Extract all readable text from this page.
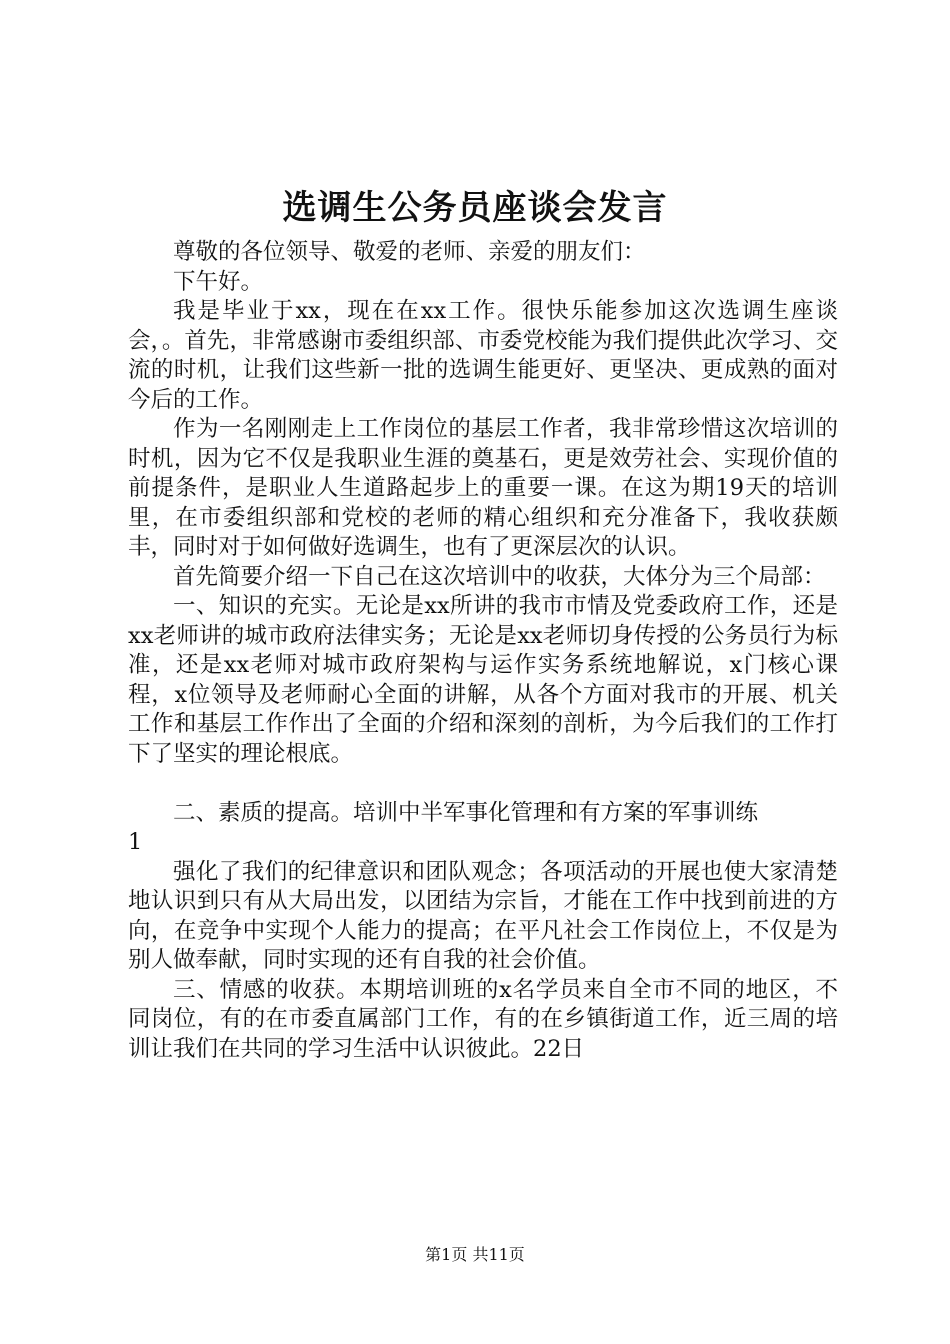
选调生公务员座谈会发言

尊敬的各位领导、敬爱的老师、亲爱的朋友们：

下午好。

我是毕业于xx，现在在xx工作。很快乐能参加这次选调生座谈会，。首先，非常感谢市委组织部、市委党校能为我们提供此次学习、交流的时机，让我们这些新一批的选调生能更好、更坚决、更成熟的面对今后的工作。

作为一名刚刚走上工作岗位的基层工作者，我非常珍惜这次培训的时机，因为它不仅是我职业生涯的奠基石，更是效劳社会、实现价值的前提条件，是职业人生道路起步上的重要一课。在这为期19天的培训里，在市委组织部和党校的老师的精心组织和充分准备下，我收获颇丰，同时对于如何做好选调生，也有了更深层次的认识。

首先简要介绍一下自己在这次培训中的收获，大体分为三个局部：

一、知识的充实。无论是xx所讲的我市市情及党委政府工作，还是xx老师讲的城市政府法律实务；无论是xx老师切身传授的公务员行为标准，还是xx老师对城市政府架构与运作实务系统地解说，x门核心课程，x位领导及老师耐心全面的讲解，从各个方面对我市的开展、机关工作和基层工作作出了全面的介绍和深刻的剖析，为今后我们的工作打下了坚实的理论根底。

二、素质的提高。培训中半军事化管理和有方案的军事训练

1

强化了我们的纪律意识和团队观念；各项活动的开展也使大家清楚地认识到只有从大局出发，以团结为宗旨，才能在工作中找到前进的方向，在竞争中实现个人能力的提高；在平凡社会工作岗位上，不仅是为别人做奉献，同时实现的还有自我的社会价值。

三、情感的收获。本期培训班的x名学员来自全市不同的地区，不同岗位，有的在市委直属部门工作，有的在乡镇街道工作，近三周的培训让我们在共同的学习生活中认识彼此。22日

第1页 共11页
